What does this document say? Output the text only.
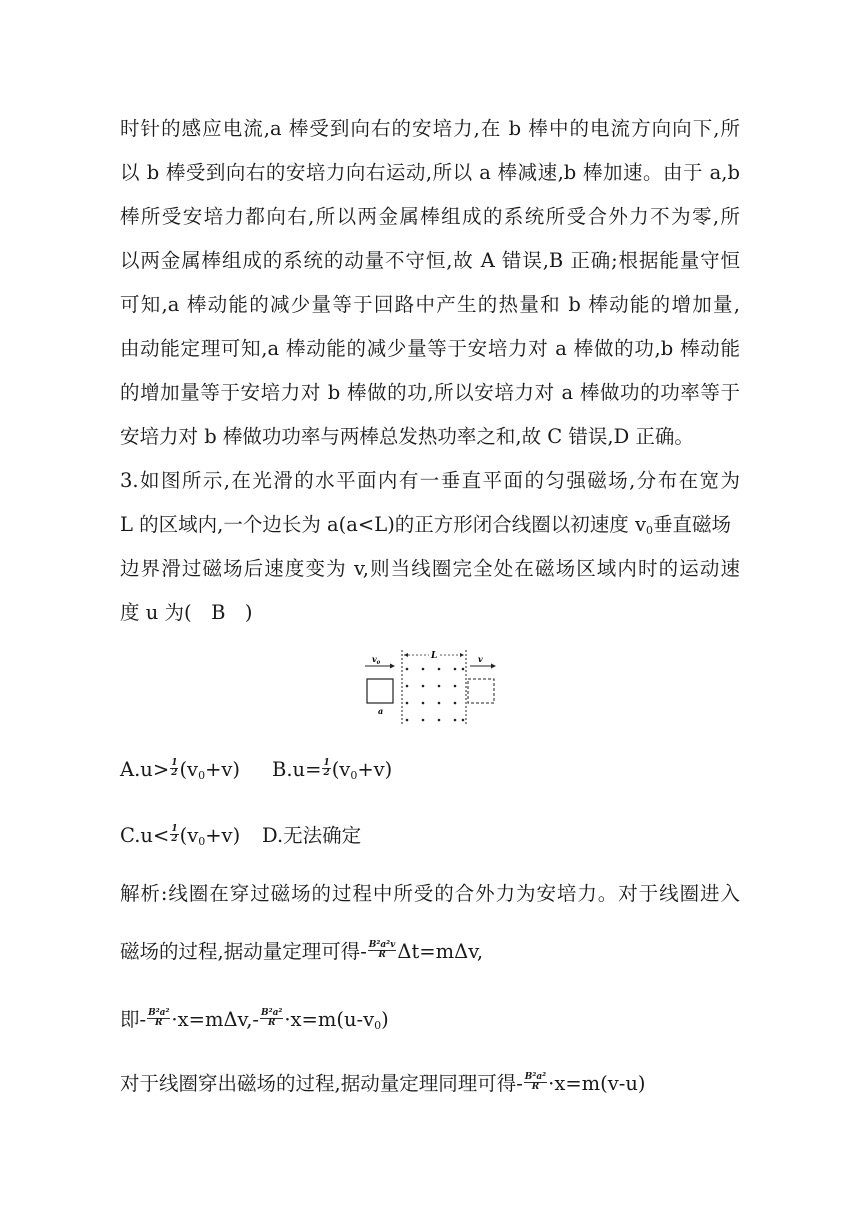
时针的感应电流,a 棒受到向右的安培力,在 b 棒中的电流方向向下,所
以 b 棒受到向右的安培力向右运动,所以 a 棒减速,b 棒加速。由于 a,b
棒所受安培力都向右,所以两金属棒组成的系统所受合外力不为零,所
以两金属棒组成的系统的动量不守恒,故 A 错误,B 正确;根据能量守恒
可知,a 棒动能的减少量等于回路中产生的热量和 b 棒动能的增加量,
由动能定理可知,a 棒动能的减少量等于安培力对 a 棒做的功,b 棒动能
的增加量等于安培力对 b 棒做的功,所以安培力对 a 棒做功的功率等于
安培力对 b 棒做功功率与两棒总发热功率之和,故 C 错误,D 正确。
3.如图所示,在光滑的水平面内有一垂直平面的匀强磁场,分布在宽为
L 的区域内,一个边长为 a(a<L)的正方形闭合线圈以初速度 $v_0$垂直磁场
边界滑过磁场后速度变为 v,则当线圈完全处在磁场区域内时的运动速
度 u 为(　B　)
$v_0$
a
L	v
$A.u> \frac{1}{2} (v_0+v)$ $B.u= \frac{1}{2} (v_0+v)$
$C.u< \frac{1}{2} (v_0+v)$ D.无法确定
解析:线圈在穿过磁场的过程中所受的合外力为安培力。对于线圈进入
磁场的过程,据动量定理可得- $\frac{\text{B²a²v}}{R} \Delta t=m\Delta v$,
即- $\frac{\text{B²a²}}{R} \cdot x=m\Delta v,- \frac{\text{B²a²}}{R} \cdot x=m(u-v_0)$
对于线圈穿出磁场的过程,据动量定理同理可得- $\frac{\text{B²a²}}{R} \cdot x=m(v-u)$
